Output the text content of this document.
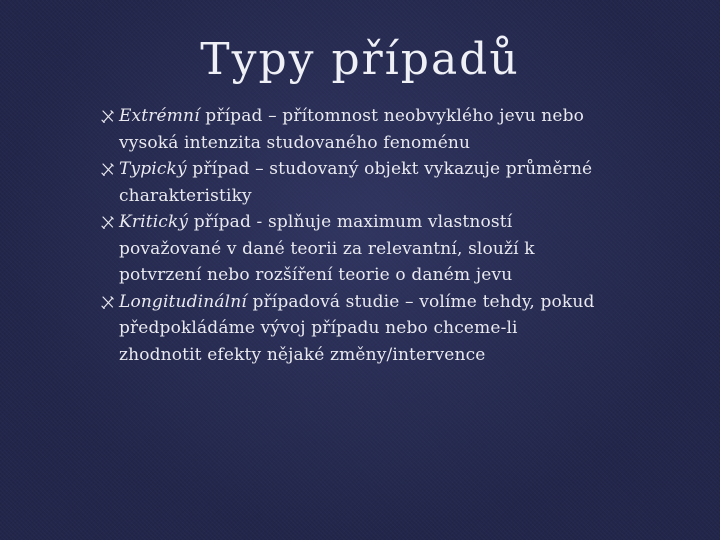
Typy případů
Extrémní případ – přítomnost neobvyklého jevu nebo vysoká intenzita studovaného fenoménu
Typický případ – studovaný objekt vykazuje průměrné charakteristiky
Kritický případ - splňuje maximum vlastností považované v dané teorii za relevantní, slouží k potvrzení nebo rozšíření teorie o daném jevu
Longitudinální případová studie – volíme tehdy, pokud předpokládáme vývoj případu nebo chceme-li zhodnotit efekty nějaké změny/intervence
